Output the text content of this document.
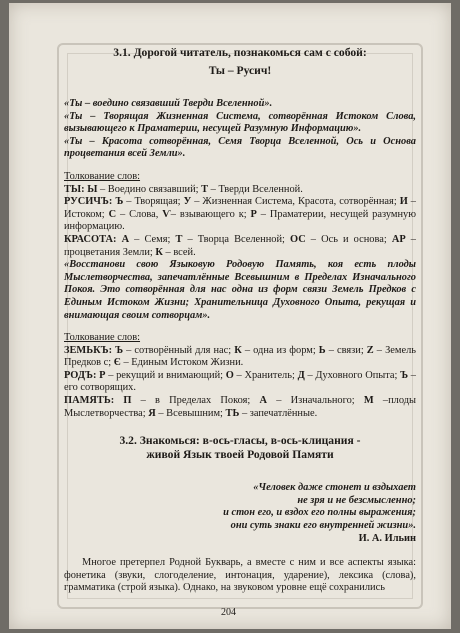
3.1. Дорогой читатель, познакомься сам с собой:

Ты – Русич!

«Ты – воедино связавший Тверди Вселенной».

«Ты – Творящая Жизненная Система, сотворённая Истоком Слова, вызывающего к Праматерии, несущей Разумную Информацию».

«Ты – Красота сотворённая, Семя Творца Вселенной, Ось и Основа процветания всей Земли».

Толкование слов:

ТЫ: Ы – Воедино связавший; Т – Тверди Вселенной.

РУСИЧЪ: Ъ – Творящая; У – Жизненная Система, Красота, сотворённая; И – Истоком; С – Слова, Ѵ– взывающего к; Р – Праматерии, несущей разумную информацию.

КРАСОТА: А – Семя; Т – Творца Вселенной; ОС – Ось и основа; АР – процветания Земли; К – всей.

«Восстанови свою Языковую Родовую Память, коя есть плоды Мыслетворчества, запечатлённые Всевышним в Пределах Изначального Покоя. Это сотворённая для нас одна из форм связи Земель Предков с Единым Истоком Жизни; Хранительница Духовного Опыта, рекущая и внимающая своим сотворцам».

Толкование слов:

ЗЕМЬКЪ: Ъ – сотворённый для нас; К – одна из форм; Ь – связи; Z – Земель Предков с; Є – Единым Истоком Жизни.

РОДЪ: Р – рекущий и внимающий; О – Хранитель; Д – Духовного Опыта; Ъ – его сотворящих.

ПАМЯТЬ: П – в Пределах Покоя; А – Изначального; М –плоды Мыслетворчества; Я – Всевышним; ТЬ – запечатлённые.

3.2. Знакомься: в-ось-гласы, в-ось-клицания -

живой Язык твоей Родовой Памяти

«Человек даже стонет и вздыхает
не зря и не безсмысленно;
и стон его, и вздох его полны выражения;
они суть знаки его внутренней жизни».

И. А. Ильин

Многое претерпел Родной Букварь, а вместе с ним и все аспекты языка: фонетика (звуки, слогоделение, интонация, ударение), лексика (слова), грамматика (строй языка). Однако, на звуковом уровне ещё сохранились

204
